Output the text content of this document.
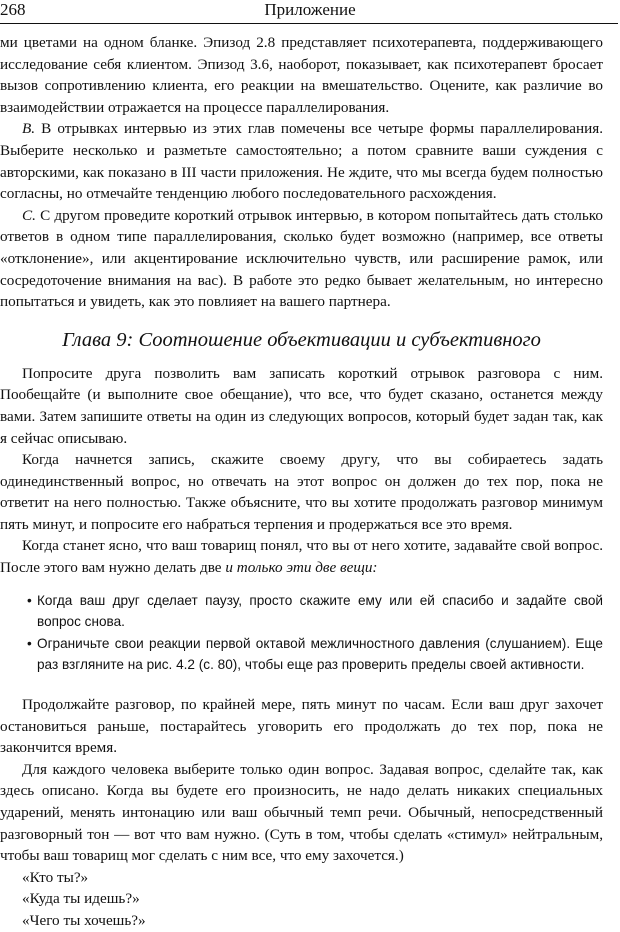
268	Приложение

ми цветами на одном бланке. Эпизод 2.8 представляет психотерапевта, поддерживающего исследование себя клиентом. Эпизод 3.6, наоборот, показывает, как психотерапевт бросает вызов сопротивлению клиента, его реакции на вмешательство. Оцените, как различие во взаимодействии отражается на процессе параллелирования.

B. В отрывках интервью из этих глав помечены все четыре формы параллелирования. Выберите несколько и разметьте самостоятельно; а потом сравните ваши суждения с авторскими, как показано в III части приложения. Не ждите, что мы всегда будем полностью согласны, но отмечайте тенденцию любого последовательного расхождения.

C. С другом проведите короткий отрывок интервью, в котором попытайтесь дать столько ответов в одном типе параллелирования, сколько будет возможно (например, все ответы «отклонение», или акцентирование исключительно чувств, или расширение рамок, или сосредоточение внимания на вас). В работе это редко бывает желательным, но интересно попытаться и увидеть, как это повлияет на вашего партнера.

Глава 9: Соотношение объективации и субъективного

Попросите друга позволить вам записать короткий отрывок разговора с ним. Пообещайте (и выполните свое обещание), что все, что будет сказано, останется между вами. Затем запишите ответы на один из следующих вопросов, который будет задан так, как я сейчас описываю.

Когда начнется запись, скажите своему другу, что вы собираетесь задать одинединственный вопрос, но отвечать на этот вопрос он должен до тех пор, пока не ответит на него полностью. Также объясните, что вы хотите продолжать разговор минимум пять минут, и попросите его набраться терпения и продержаться все это время.

Когда станет ясно, что ваш товарищ понял, что вы от него хотите, задавайте свой вопрос. После этого вам нужно делать две и только эти две вещи:

• Когда ваш друг сделает паузу, просто скажите ему или ей спасибо и задайте свой вопрос снова.
• Ограничьте свои реакции первой октавой межличностного давления (слушанием). Еще раз взгляните на рис. 4.2 (с. 80), чтобы еще раз проверить пределы своей активности.

Продолжайте разговор, по крайней мере, пять минут по часам. Если ваш друг захочет остановиться раньше, постарайтесь уговорить его продолжать до тех пор, пока не закончится время.

Для каждого человека выберите только один вопрос. Задавая вопрос, сделайте так, как здесь описано. Когда вы будете его произносить, не надо делать никаких специальных ударений, менять интонацию или ваш обычный темп речи. Обычный, непосредственный разговорный тон — вот что вам нужно. (Суть в том, чтобы сделать «стимул» нейтральным, чтобы ваш товарищ мог сделать с ним все, что ему захочется.)

«Кто ты?»
«Куда ты идешь?»
«Чего ты хочешь?»
